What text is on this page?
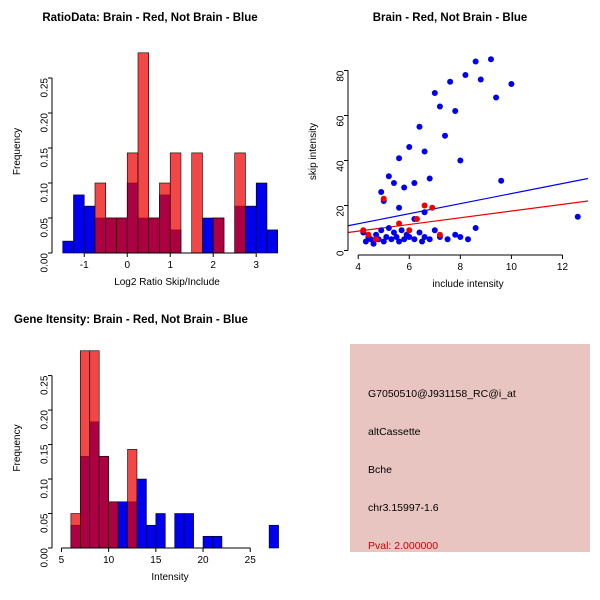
RatioData: Brain - Red, Not Brain - Blue
-1	0	1	2	3
0.00
0.05
0.10
0.15
0.20
0.25
Log2 Ratio Skip/Include
Frequency
Brain - Red, Not Brain - Blue
4	6	8	10	12
0
20
40
60
80
include intensity
skip intensity
Gene Itensity: Brain - Red, Not Brain - Blue
5	10	15	20	25
0.00
0.05
0.10
0.15
0.20
0.25
Intensity
Frequency
G7050510@J931158_RC@i_at
altCassette
Bche
chr3.15997-1.6
Pval: 2.000000
